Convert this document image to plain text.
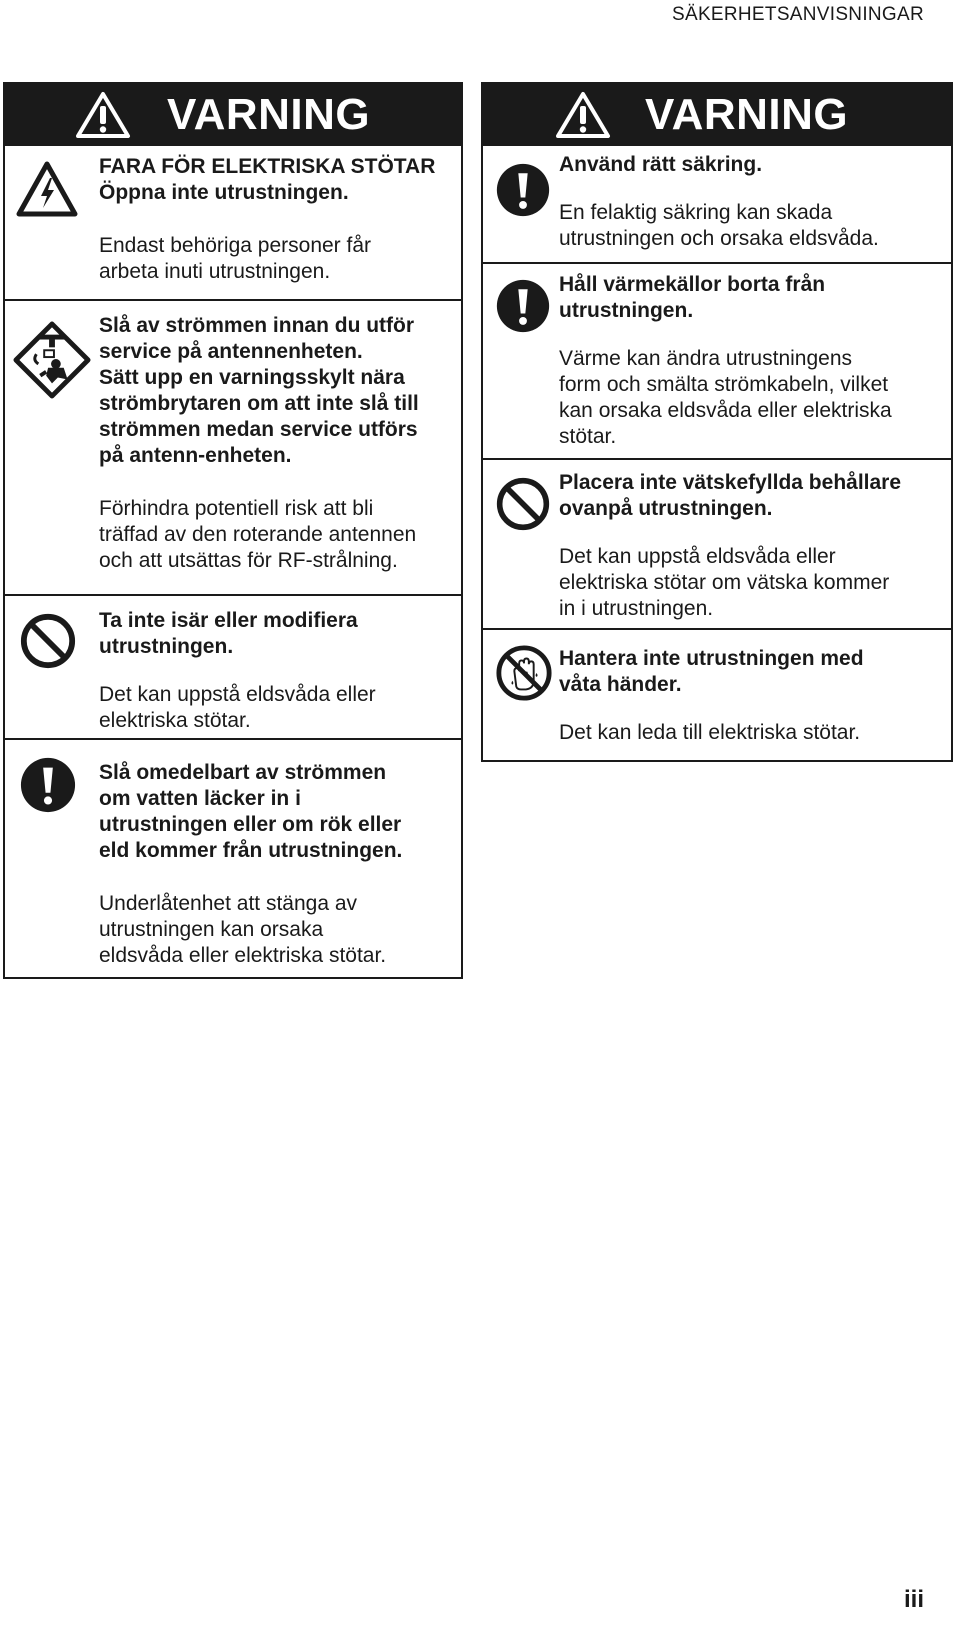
SÄKERHETSANVISNINGAR
VARNING

FARA FÖR ELEKTRISKA STÖTAR

Öppna inte utrustningen.

Endast behöriga personer får

arbeta inuti utrustningen.

Slå av strömmen innan du utför

service på antennenheten.

Sätt upp en varningsskylt nära

strömbrytaren om att inte slå till

strömmen medan service utförs

på antenn-enheten.

Förhindra potentiell risk att bli

träffad av den roterande antennen

och att utsättas för RF-strålning.

Ta inte isär eller modifiera

utrustningen.

Det kan uppstå eldsvåda eller

elektriska stötar.

Slå omedelbart av strömmen

om vatten läcker in i

utrustningen eller om rök eller

eld kommer från utrustningen.

Underlåtenhet att stänga av

utrustningen kan orsaka

eldsvåda eller elektriska stötar.

VARNING

Använd rätt säkring.

En felaktig säkring kan skada

utrustningen och orsaka eldsvåda.

Håll värmekällor borta från

utrustningen.

Värme kan ändra utrustningens

form och smälta strömkabeln, vilket

kan orsaka eldsvåda eller elektriska

stötar.

Placera inte vätskefyllda behållare

ovanpå utrustningen.

Det kan uppstå eldsvåda eller

elektriska stötar om vätska kommer

in i utrustningen.

Hantera inte utrustningen med

våta händer.

Det kan leda till elektriska stötar.

iii
